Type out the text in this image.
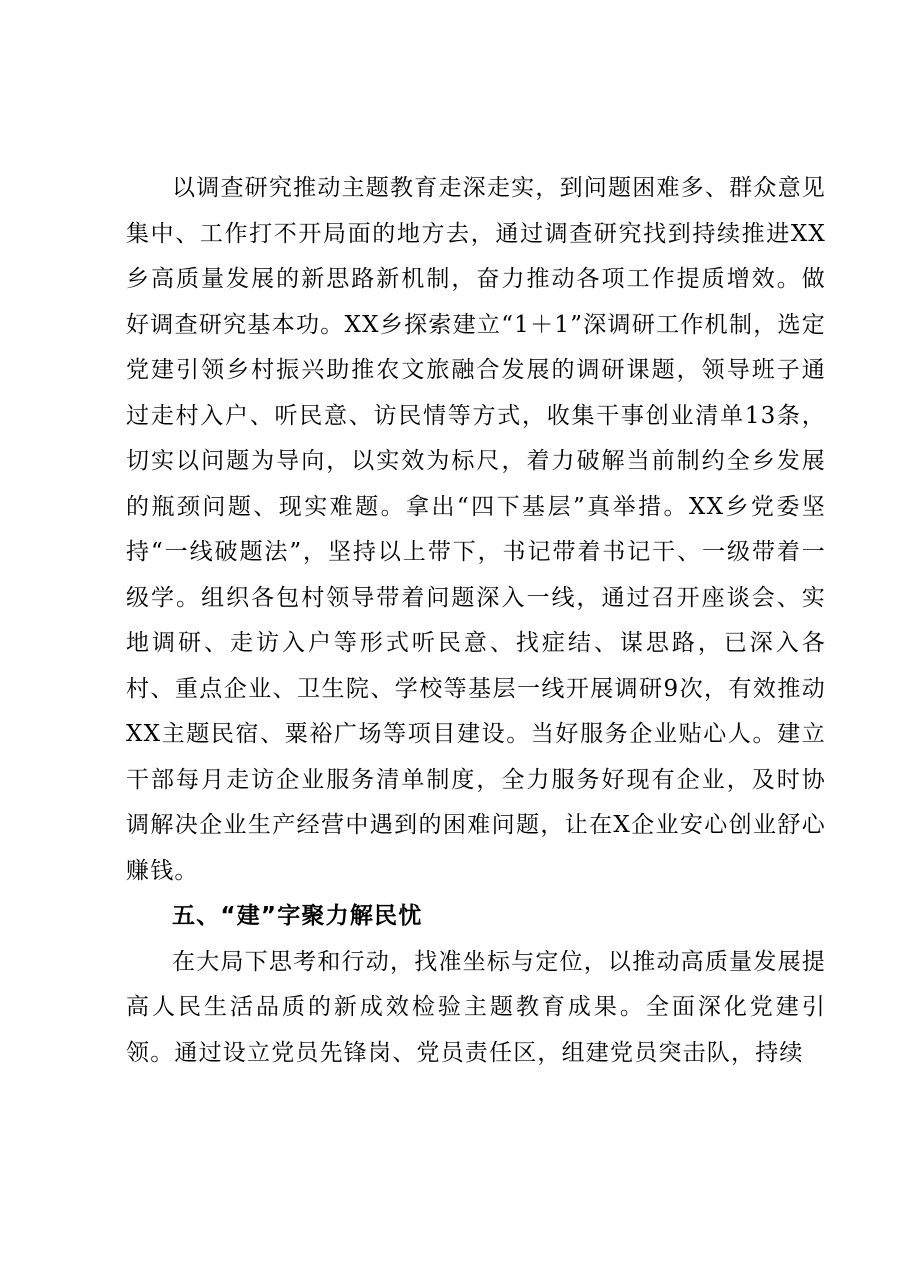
以调查研究推动主题教育走深走实，到问题困难多、群众意见集中、工作打不开局面的地方去，通过调查研究找到持续推进XX乡高质量发展的新思路新机制，奋力推动各项工作提质增效。做好调查研究基本功。XX乡探索建立“1＋1”深调研工作机制，选定党建引领乡村振兴助推农文旅融合发展的调研课题，领导班子通过走村入户、听民意、访民情等方式，收集干事创业清单13条，切实以问题为导向，以实效为标尺，着力破解当前制约全乡发展的瓶颈问题、现实难题。拿出“四下基层”真举措。XX乡党委坚持“一线破题法”，坚持以上带下，书记带着书记干、一级带着一级学。组织各包村领导带着问题深入一线，通过召开座谈会、实地调研、走访入户等形式听民意、找症结、谋思路，已深入各村、重点企业、卫生院、学校等基层一线开展调研9次，有效推动XX主题民宿、粟裕广场等项目建设。当好服务企业贴心人。建立干部每月走访企业服务清单制度，全力服务好现有企业，及时协调解决企业生产经营中遇到的困难问题，让在X企业安心创业舒心赚钱。

五、“建”字聚力解民忧

在大局下思考和行动，找准坐标与定位，以推动高质量发展提高人民生活品质的新成效检验主题教育成果。全面深化党建引领。通过设立党员先锋岗、党员责任区，组建党员突击队，持续
